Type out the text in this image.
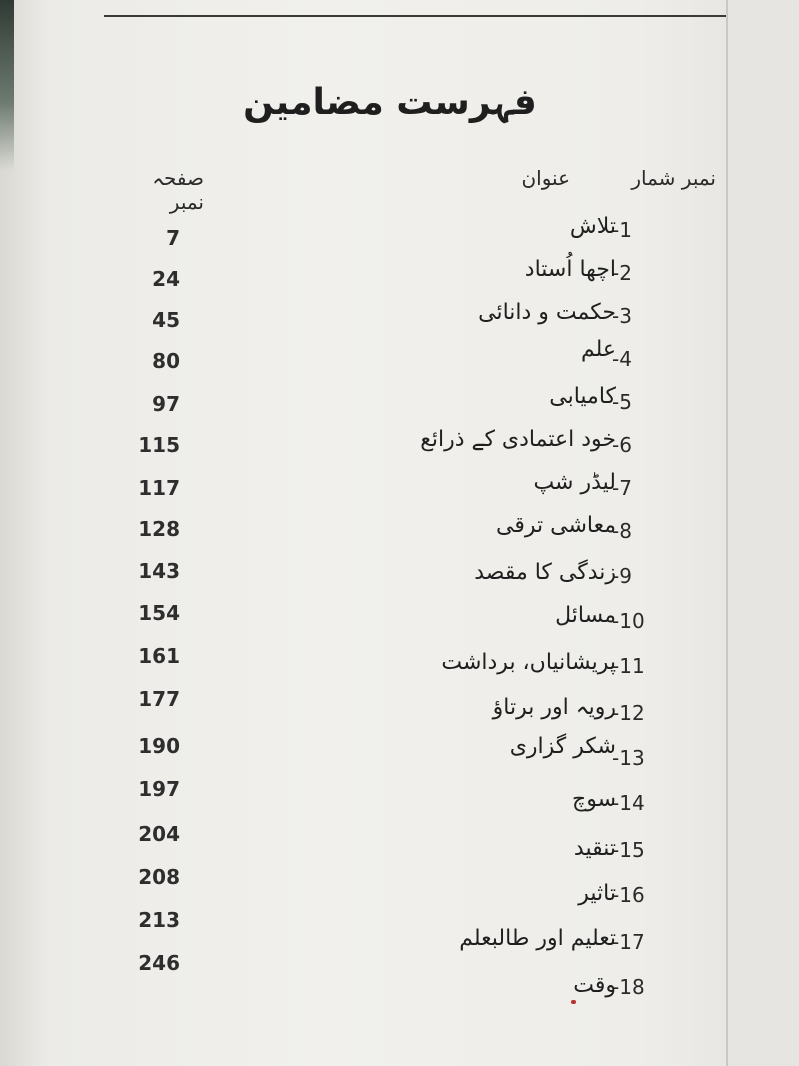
فہرست مضامین
نمبر شمار
عنوان
صفحہ نمبر
-1
تلاش
7
-2
اچھا اُستاد
24
-3
حکمت و دانائی
45
-4
علم
80
-5
کامیابی
97
-6
خود اعتمادی کے ذرائع
115
-7
لیڈر شپ
117
-8
معاشی ترقی
128
-9
زندگی کا مقصد
143
-10
مسائل
154
-11
پریشانیاں، برداشت
161
-12
رویہ اور برتاؤ
177
-13
شکر گزاری
190
-14
سوچ
197
-15
تنقید
204
-16
تاثیر
208
-17
تعلیم اور طالبعلم
213
-18
وقت
246
